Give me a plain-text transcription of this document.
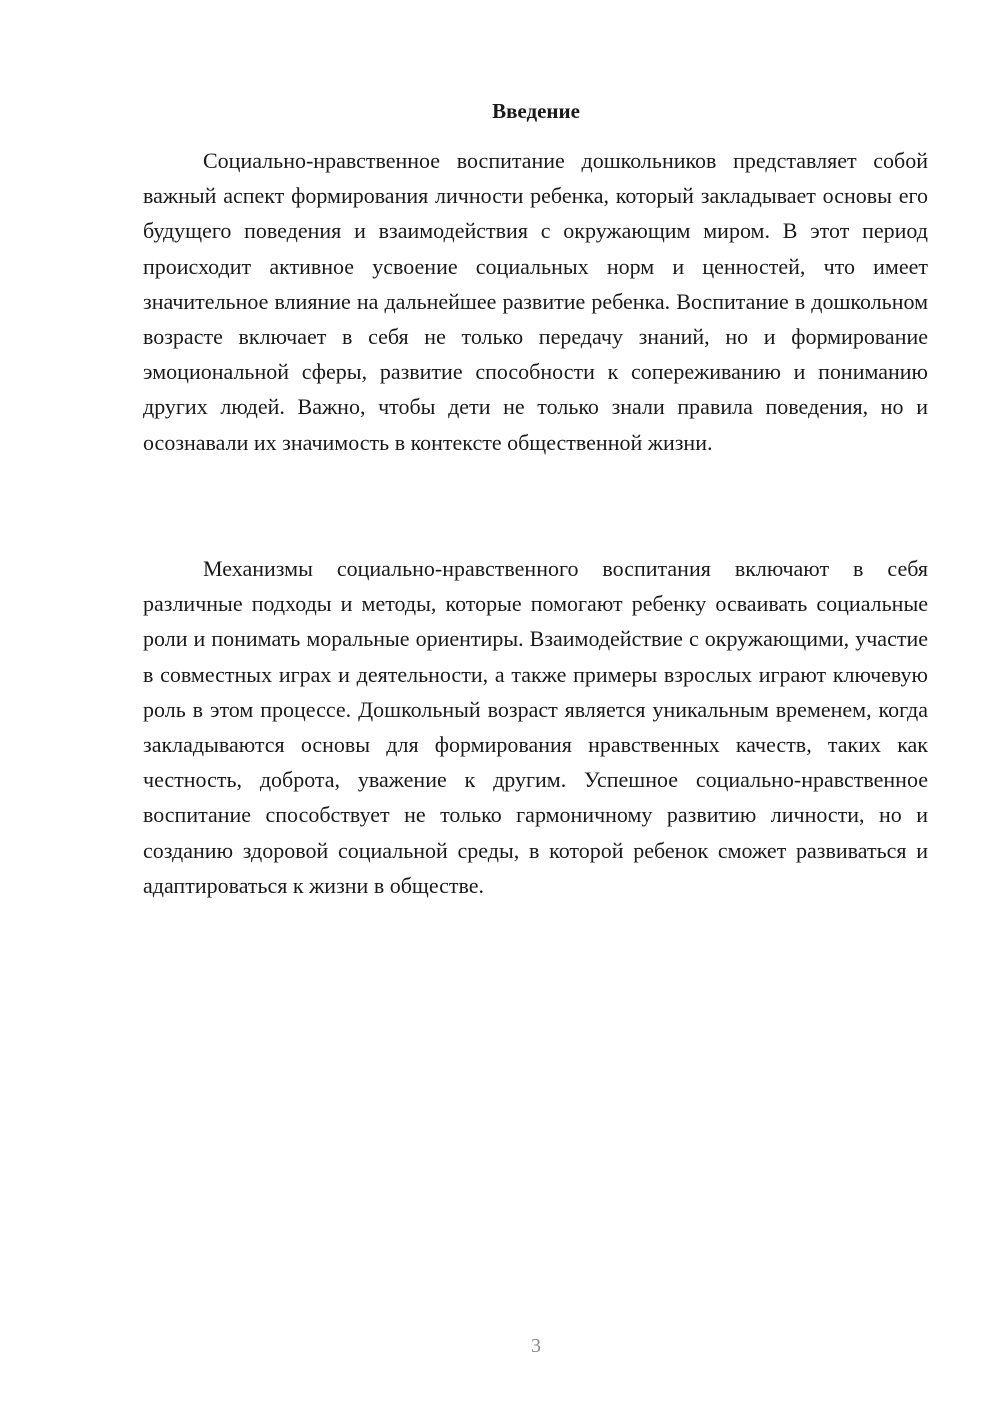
Введение

Социально-нравственное воспитание дошкольников представляет собой важный аспект формирования личности ребенка, который закладывает основы его будущего поведения и взаимодействия с окружающим миром. В этот период происходит активное усвоение социальных норм и ценностей, что имеет значительное влияние на дальнейшее развитие ребенка. Воспитание в дошкольном возрасте включает в себя не только передачу знаний, но и формирование эмоциональной сферы, развитие способности к сопереживанию и пониманию других людей. Важно, чтобы дети не только знали правила поведения, но и осознавали их значимость в контексте общественной жизни.

Механизмы социально-нравственного воспитания включают в себя различные подходы и методы, которые помогают ребенку осваивать социальные роли и понимать моральные ориентиры. Взаимодействие с окружающими, участие в совместных играх и деятельности, а также примеры взрослых играют ключевую роль в этом процессе. Дошкольный возраст является уникальным временем, когда закладываются основы для формирования нравственных качеств, таких как честность, доброта, уважение к другим. Успешное социально-нравственное воспитание способствует не только гармоничному развитию личности, но и созданию здоровой социальной среды, в которой ребенок сможет развиваться и адаптироваться к жизни в обществе.

3
